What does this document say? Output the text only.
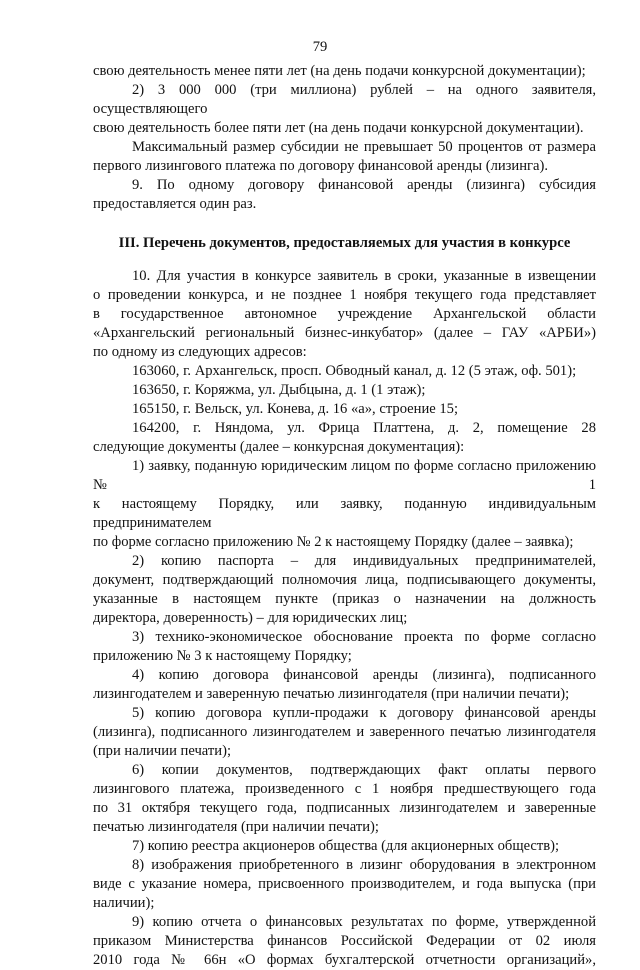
79

свою деятельность менее пяти лет (на день подачи конкурсной документации);

2) 3 000 000 (три миллиона) рублей – на одного заявителя, осуществляющего

свою деятельность более пяти лет (на день подачи конкурсной документации).

Максимальный размер субсидии не превышает 50 процентов от размера

первого лизингового платежа по договору финансовой аренды (лизинга).

9. По одному договору финансовой аренды (лизинга) субсидия

предоставляется один раз.

III. Перечень документов, предоставляемых для участия в конкурсе

10. Для участия в конкурсе заявитель в сроки, указанные в извещении

о проведении конкурса, и не позднее 1 ноября текущего года представляет

в государственное автономное учреждение Архангельской области

«Архангельский региональный бизнес-инкубатор» (далее – ГАУ «АРБИ»)

по одному из следующих адресов:

163060, г. Архангельск, просп. Обводный канал, д. 12 (5 этаж, оф. 501);

163650, г. Коряжма, ул. Дыбцына, д. 1 (1 этаж);

165150, г. Вельск, ул. Конева, д. 16 «а», строение 15;

164200, г. Няндома, ул. Фрица Платтена, д. 2, помещение 28

следующие документы (далее – конкурсная документация):

1) заявку, поданную юридическим лицом по форме согласно приложению № 1

к настоящему Порядку, или заявку, поданную индивидуальным предпринимателем

по форме согласно приложению № 2 к настоящему Порядку (далее – заявка);

2) копию паспорта – для индивидуальных предпринимателей,

документ, подтверждающий полномочия лица, подписывающего документы,

указанные в настоящем пункте (приказ о назначении на должность

директора, доверенность) – для юридических лиц;

3) технико-экономическое обоснование проекта по форме согласно

приложению № 3 к настоящему Порядку;

4) копию договора финансовой аренды (лизинга), подписанного

лизингодателем и заверенную печатью лизингодателя (при наличии печати);

5) копию договора купли-продажи к договору финансовой аренды

(лизинга), подписанного лизингодателем и заверенного печатью лизингодателя

(при наличии печати);

6) копии документов, подтверждающих факт оплаты первого

лизингового платежа, произведенного с 1 ноября предшествующего года

по 31 октября текущего года, подписанных лизингодателем и заверенные

печатью лизингодателя (при наличии печати);

7) копию реестра акционеров общества (для акционерных обществ);

8) изображения приобретенного в лизинг оборудования в электронном

виде с указание номера, присвоенного производителем, и года выпуска (при

наличии);

9) копию отчета о финансовых результатах по форме, утвержденной

приказом Министерства финансов Российской Федерации от 02 июля

2010 года № 66н «О формах бухгалтерской отчетности организаций»,
